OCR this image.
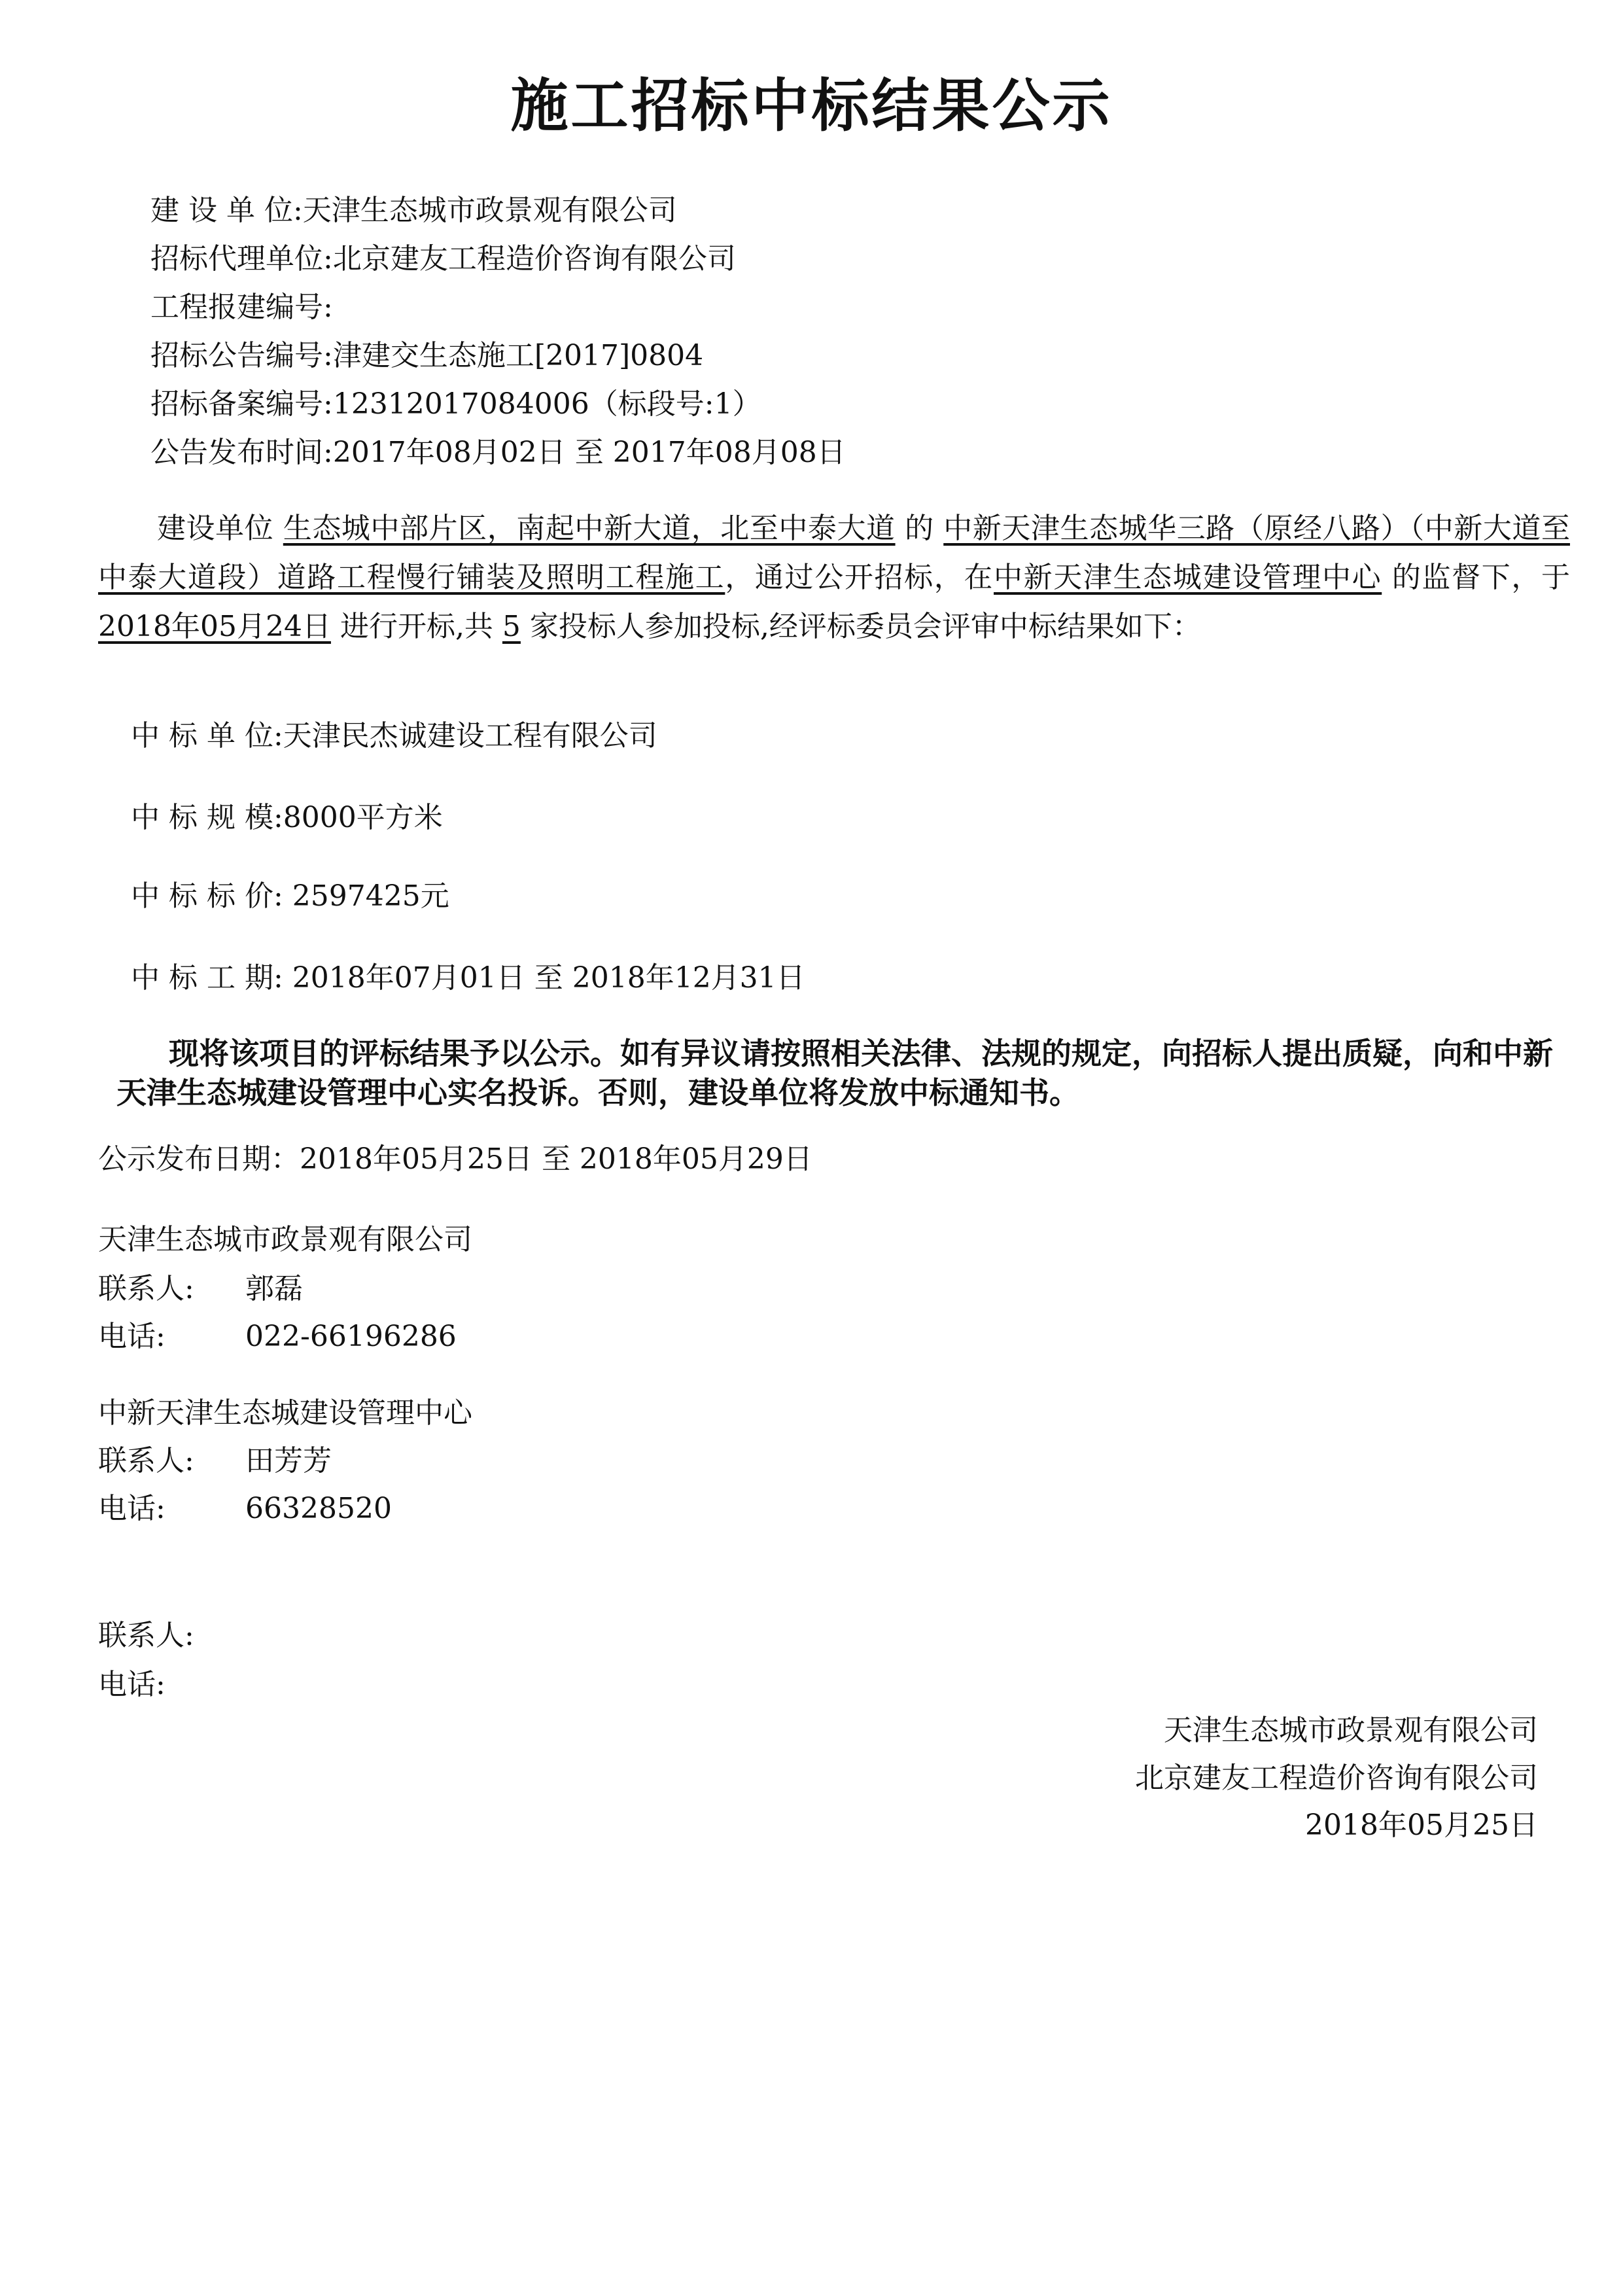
施工招标中标结果公示
建 设 单 位:天津生态城市政景观有限公司
招标代理单位:北京建友工程造价咨询有限公司
工程报建编号:
招标公告编号:津建交生态施工[2017]0804
招标备案编号:12312017084006（标段号:1）
公告发布时间:2017年08月02日 至 2017年08月08日
建设单位 生态城中部片区，南起中新大道，北至中泰大道 的 中新天津生态城华三路（原经八路）（中新大道至中泰大道段）道路工程慢行铺装及照明工程施工，通过公开招标，在中新天津生态城建设管理中心 的监督下，于 2018年05月24日 进行开标,共 5 家投标人参加投标,经评标委员会评审中标结果如下：
中 标 单 位:天津民杰诚建设工程有限公司
中 标 规 模:8000平方米
中 标 标 价: 2597425元
中 标 工 期: 2018年07月01日 至 2018年12月31日
现将该项目的评标结果予以公示。如有异议请按照相关法律、法规的规定，向招标人提出质疑，向和中新天津生态城建设管理中心实名投诉。否则，建设单位将发放中标通知书。
公示发布日期：2018年05月25日 至 2018年05月29日
天津生态城市政景观有限公司
联系人: 郭磊
电话:	022-66196286
中新天津生态城建设管理中心
联系人: 田芳芳
电话:	66328520
联系人:
电话:
天津生态城市政景观有限公司
北京建友工程造价咨询有限公司
2018年05月25日
